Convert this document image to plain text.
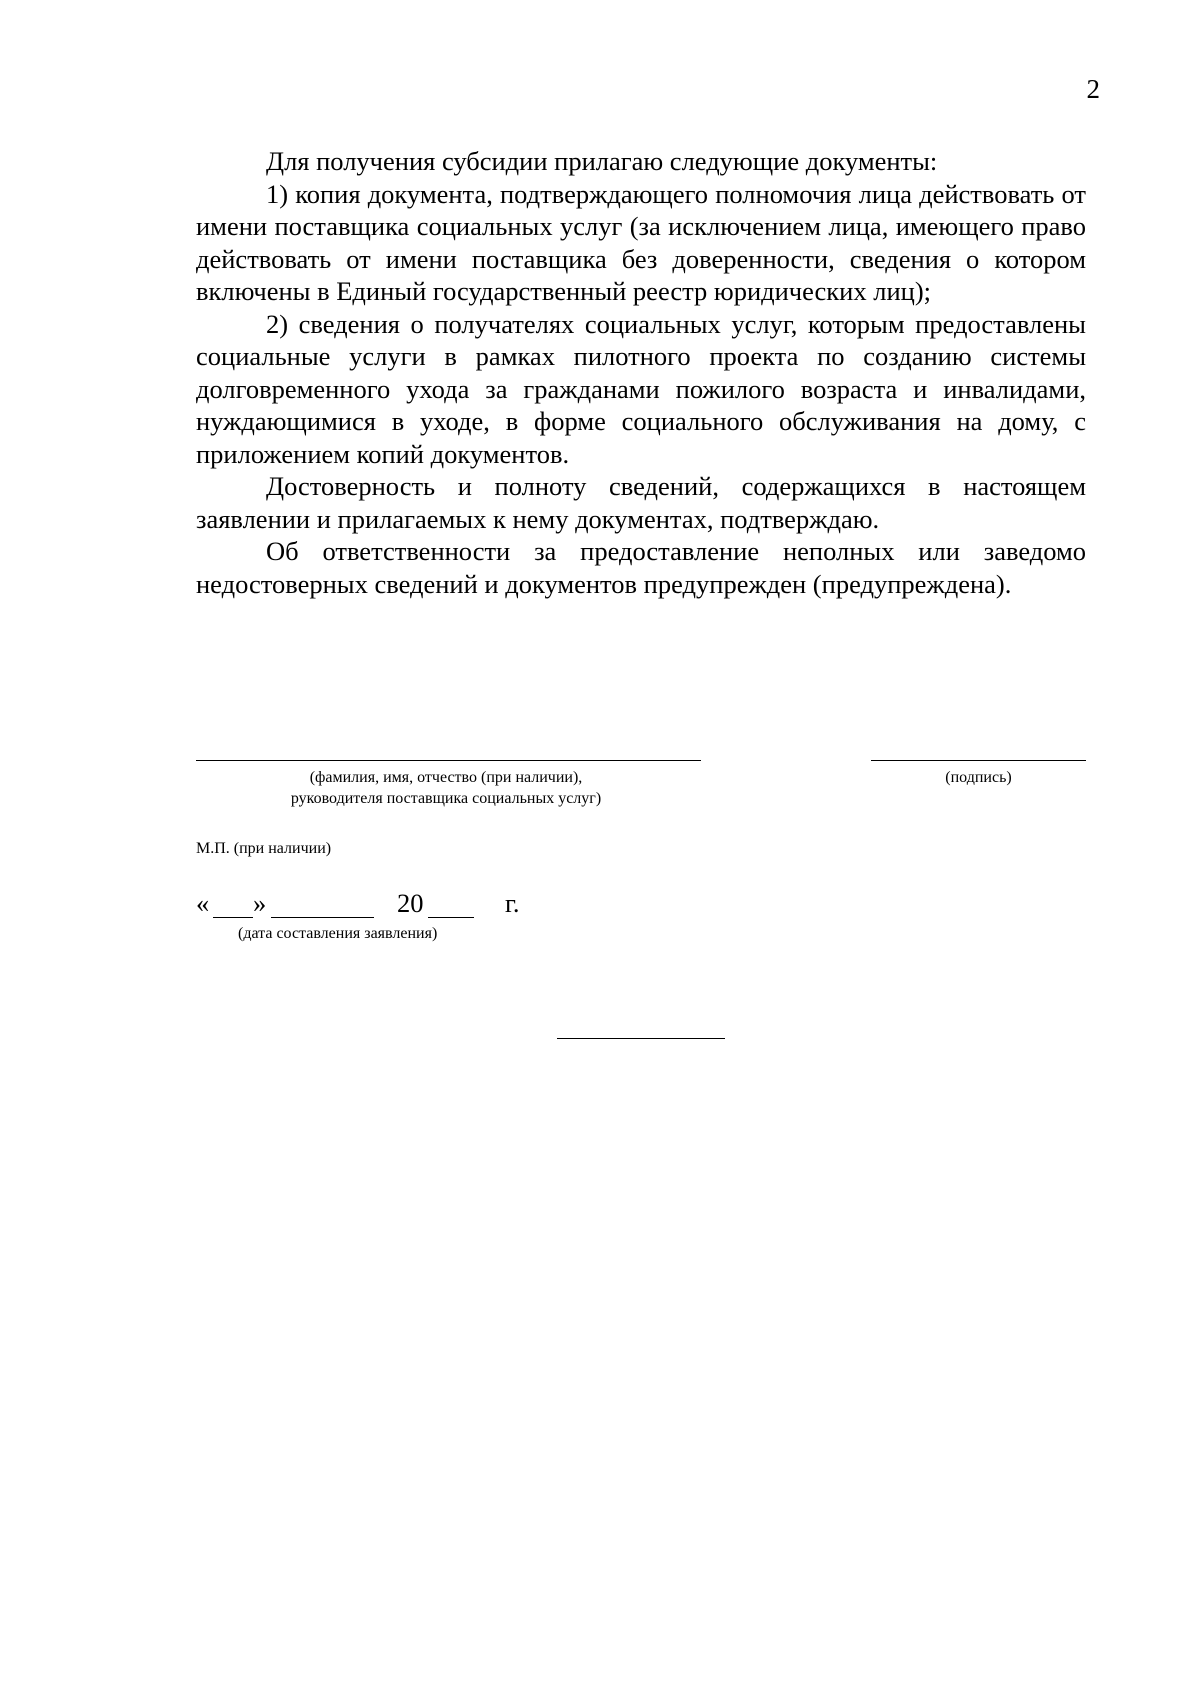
2

Для получения субсидии прилагаю следующие документы:

1) копия документа, подтверждающего полномочия лица действовать от имени поставщика социальных услуг (за исключением лица, имеющего право действовать от имени поставщика без доверенности, сведения о котором включены в Единый государственный реестр юридических лиц);

2) сведения о получателях социальных услуг, которым предоставлены социальные услуги в рамках пилотного проекта по созданию системы долговременного ухода за гражданами пожилого возраста и инвалидами, нуждающимися в уходе, в форме социального обслуживания на дому, с приложением копий документов.

Достоверность и полноту сведений, содержащихся в настоящем заявлении и прилагаемых к нему документах, подтверждаю.

Об ответственности за предоставление неполных или заведомо недостоверных сведений и документов предупрежден (предупреждена).

(фамилия, имя, отчество (при наличии),
руководителя поставщика социальных услуг)
(подпись)
М.П. (при наличии)
« »	20	г.
(дата составления заявления)
